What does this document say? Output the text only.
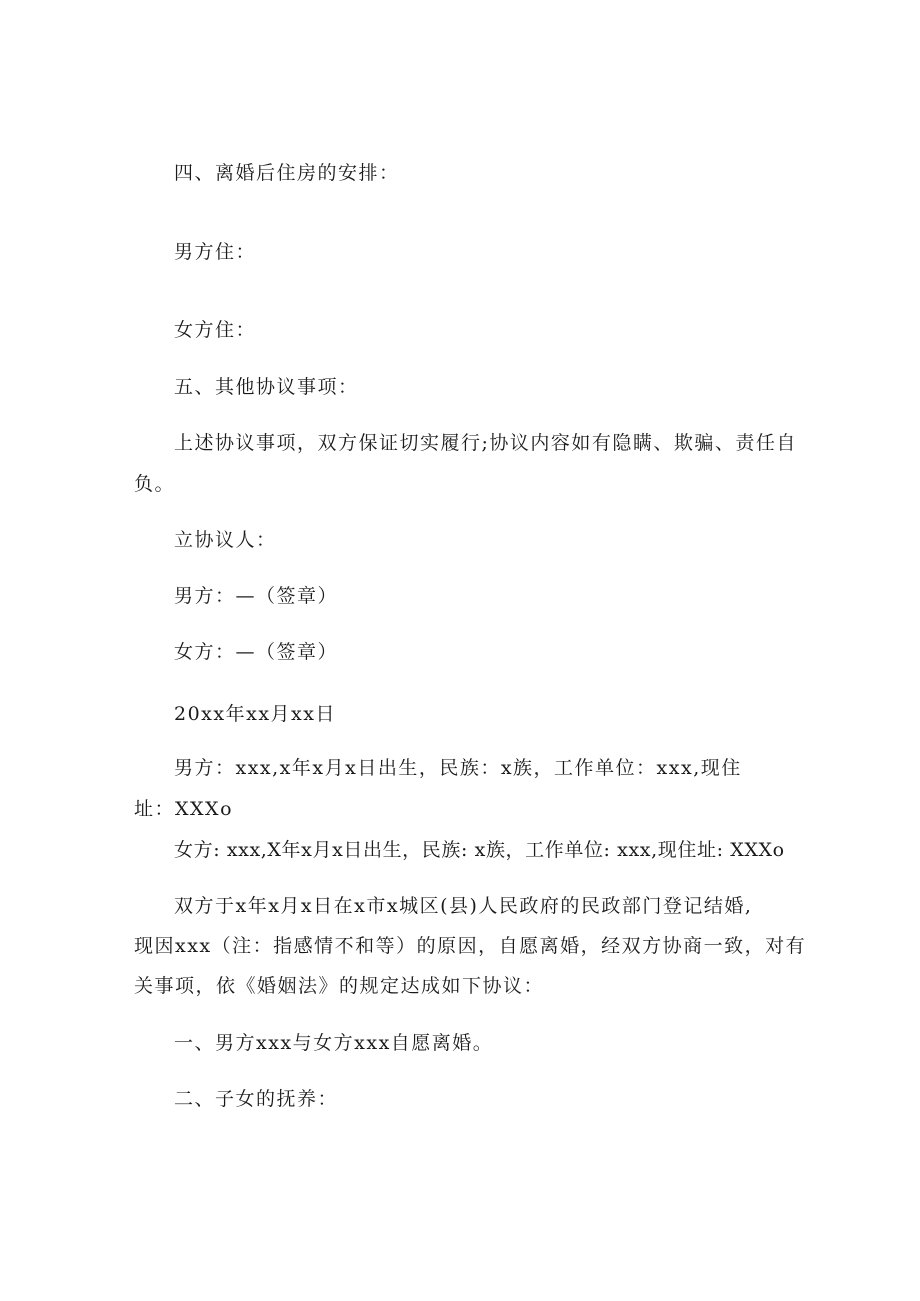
四、离婚后住房的安排：
男方住：
女方住：
五、其他协议事项：
上述协议事项，双方保证切实履行;协议内容如有隐瞒、欺骗、责任自
负。
立协议人：
男方：—（签章）
女方：—（签章）
20xx年xx月xx日
男方：xxx,x年x月x日出生，民族：x族，工作单位：xxx,现住
址：XXXo
女方: xxx,X年x月x日出生，民族: x族，工作单位: xxx,现住址: XXXo
双方于x年x月x日在x市x城区(县)人民政府的民政部门登记结婚,
现因xxx（注：指感情不和等）的原因，自愿离婚，经双方协商一致，对有
关事项，依《婚姻法》的规定达成如下协议：
一、男方xxx与女方xxx自愿离婚。
二、子女的抚养：
